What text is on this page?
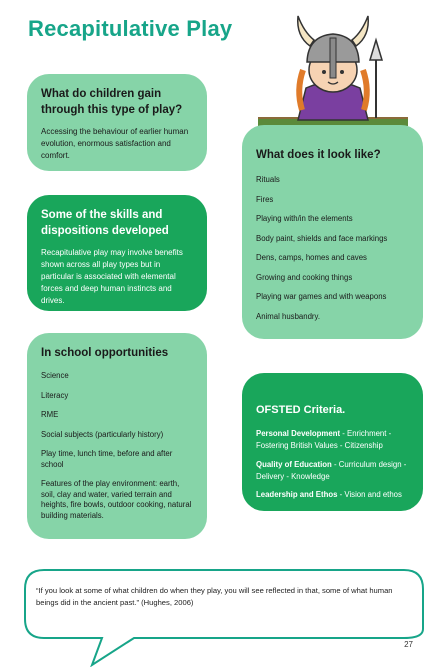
Recapitulative Play
What do children gain through this type of play?

Accessing the behaviour of earlier human evolution, enormous satisfaction and comfort.

Some of the skills and dispositions developed

Recapitulative play may involve benefits shown across all play types but in particular is associated with elemental forces and deep human instincts and drives.

In school opportunities
Science
Literacy
RME
Social subjects (particularly history)
Play time, lunch time, before and after school
Features of the play environment: earth, soil, clay and water, varied terrain and heights, fire bowls, outdoor cooking, natural building materials.
What does it look like?
Rituals
Fires
Playing with/in the elements
Body paint, shields and face markings
Dens, camps, homes and caves
Growing and cooking things
Playing war games and with weapons
Animal husbandry.
OFSTED Criteria.
Personal Development - Enrichment - Fostering British Values - Citizenship
Quality of Education - Curriculum design - Delivery - Knowledge
Leadership and Ethos - Vision and ethos
“If you look at some of what children do when they play, you will see reflected in that, some of what human beings did in the ancient past.” (Hughes, 2006)
27
